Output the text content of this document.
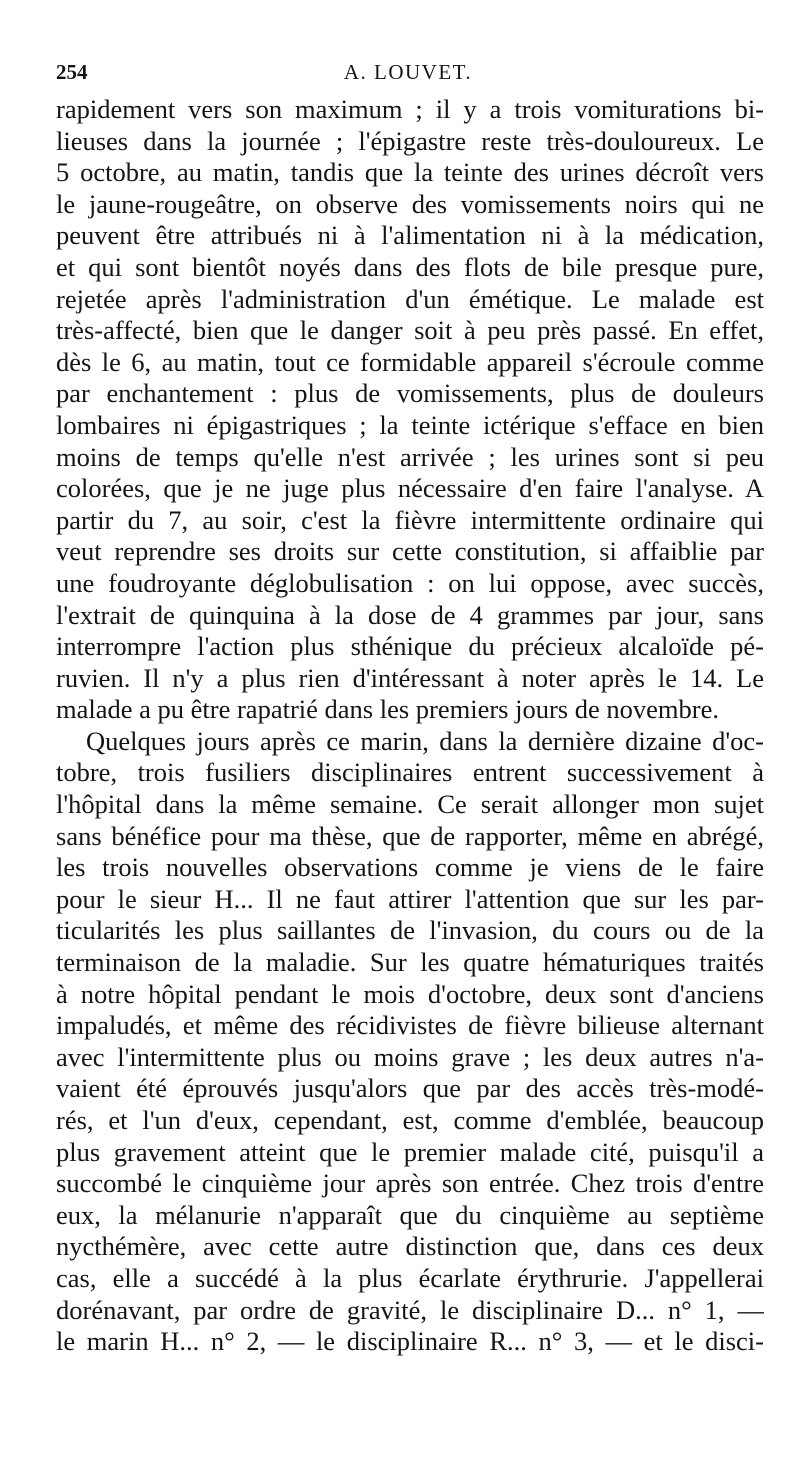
254	A. LOUVET.
rapidement vers son maximum ; il y a trois vomiturations bi-
lieuses dans la journée ; l'épigastre reste très-douloureux. Le
5 octobre, au matin, tandis que la teinte des urines décroît vers
le jaune-rougeâtre, on observe des vomissements noirs qui ne
peuvent être attribués ni à l'alimentation ni à la médication,
et qui sont bientôt noyés dans des flots de bile presque pure,
rejetée après l'administration d'un émétique. Le malade est
très-affecté, bien que le danger soit à peu près passé. En effet,
dès le 6, au matin, tout ce formidable appareil s'écroule comme
par enchantement : plus de vomissements, plus de douleurs
lombaires ni épigastriques ; la teinte ictérique s'efface en bien
moins de temps qu'elle n'est arrivée ; les urines sont si peu
colorées, que je ne juge plus nécessaire d'en faire l'analyse. A
partir du 7, au soir, c'est la fièvre intermittente ordinaire qui
veut reprendre ses droits sur cette constitution, si affaiblie par
une foudroyante déglobulisation : on lui oppose, avec succès,
l'extrait de quinquina à la dose de 4 grammes par jour, sans
interrompre l'action plus sthénique du précieux alcaloïde pé-
ruvien. Il n'y a plus rien d'intéressant à noter après le 14. Le
malade a pu être rapatrié dans les premiers jours de novembre.
Quelques jours après ce marin, dans la dernière dizaine d'oc-
tobre, trois fusiliers disciplinaires entrent successivement à
l'hôpital dans la même semaine. Ce serait allonger mon sujet
sans bénéfice pour ma thèse, que de rapporter, même en abrégé,
les trois nouvelles observations comme je viens de le faire
pour le sieur H... Il ne faut attirer l'attention que sur les par-
ticularités les plus saillantes de l'invasion, du cours ou de la
terminaison de la maladie. Sur les quatre hématuriques traités
à notre hôpital pendant le mois d'octobre, deux sont d'anciens
impaludés, et même des récidivistes de fièvre bilieuse alternant
avec l'intermittente plus ou moins grave ; les deux autres n'a-
vaient été éprouvés jusqu'alors que par des accès très-modé-
rés, et l'un d'eux, cependant, est, comme d'emblée, beaucoup
plus gravement atteint que le premier malade cité, puisqu'il a
succombé le cinquième jour après son entrée. Chez trois d'entre
eux, la mélanurie n'apparaît que du cinquième au septième
nycthémère, avec cette autre distinction que, dans ces deux
cas, elle a succédé à la plus écarlate érythrurie. J'appellerai
dorénavant, par ordre de gravité, le disciplinaire D... n° 1, —
le marin H... n° 2, — le disciplinaire R... n° 3, — et le disci-
